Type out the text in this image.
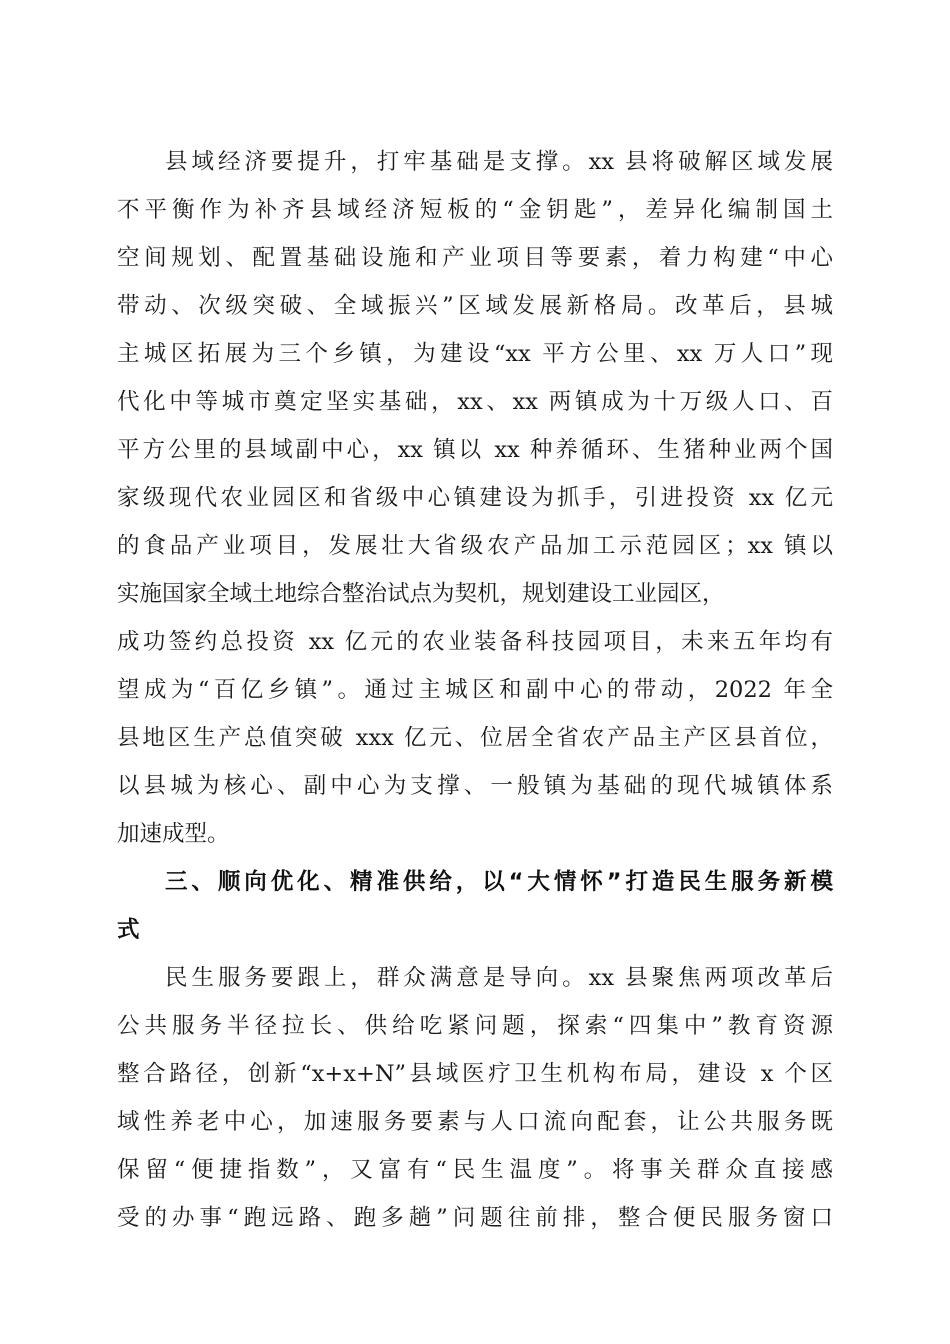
县域经济要提升，打牢基础是支撑。xx 县将破解区域发展
不平衡作为补齐县域经济短板的“金钥匙”，差异化编制国土
空间规划、配置基础设施和产业项目等要素，着力构建“中心
带动、次级突破、全域振兴”区域发展新格局。改革后，县城
主城区拓展为三个乡镇，为建设“xx 平方公里、xx 万人口”现
代化中等城市奠定坚实基础，xx、xx 两镇成为十万级人口、百
平方公里的县域副中心，xx 镇以 xx 种养循环、生猪种业两个国
家级现代农业园区和省级中心镇建设为抓手，引进投资 xx 亿元
的食品产业项目，发展壮大省级农产品加工示范园区；xx 镇以
实施国家全域土地综合整治试点为契机，规划建设工业园区，
成功签约总投资 xx 亿元的农业装备科技园项目，未来五年均有
望成为“百亿乡镇”。通过主城区和副中心的带动，2022 年全
县地区生产总值突破 xxx 亿元、位居全省农产品主产区县首位，
以县城为核心、副中心为支撑、一般镇为基础的现代城镇体系
加速成型。
三、顺向优化、精准供给，以“大情怀”打造民生服务新模
式
民生服务要跟上，群众满意是导向。xx 县聚焦两项改革后
公共服务半径拉长、供给吃紧问题，探索“四集中”教育资源
整合路径，创新“x+x+N”县域医疗卫生机构布局，建设 x 个区
域性养老中心，加速服务要素与人口流向配套，让公共服务既
保留“便捷指数”，又富有“民生温度”。将事关群众直接感
受的办事“跑远路、跑多趟”问题往前排，整合便民服务窗口
